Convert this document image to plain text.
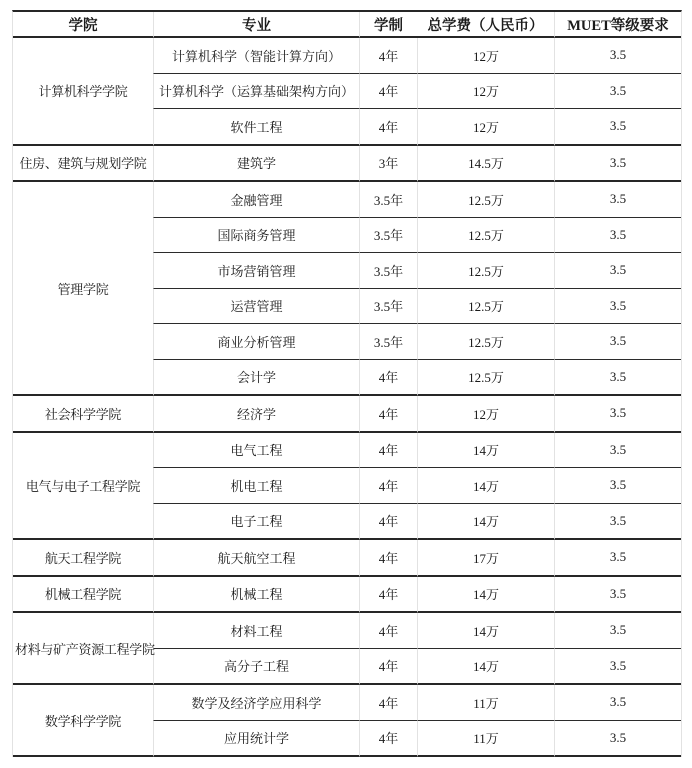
学院	专业	学制	总学费（人民币）	MUET等级要求
计算机科学学院	计算机科学（智能计算方向）	4年	12万	3.5
	计算机科学（运算基础架构方向）	4年	12万	3.5
	软件工程	4年	12万	3.5
住房、建筑与规划学院	建筑学	3年	14.5万	3.5
管理学院	金融管理	3.5年	12.5万	3.5
	国际商务管理	3.5年	12.5万	3.5
	市场营销管理	3.5年	12.5万	3.5
	运营管理	3.5年	12.5万	3.5
	商业分析管理	3.5年	12.5万	3.5
	会计学	4年	12.5万	3.5
社会科学学院	经济学	4年	12万	3.5
电气与电子工程学院	电气工程	4年	14万	3.5
	机电工程	4年	14万	3.5
	电子工程	4年	14万	3.5
航天工程学院	航天航空工程	4年	17万	3.5
机械工程学院	机械工程	4年	14万	3.5
材料与矿产资源工程学院	材料工程	4年	14万	3.5
	高分子工程	4年	14万	3.5
数学科学学院	数学及经济学应用科学	4年	11万	3.5
	应用统计学	4年	11万	3.5
